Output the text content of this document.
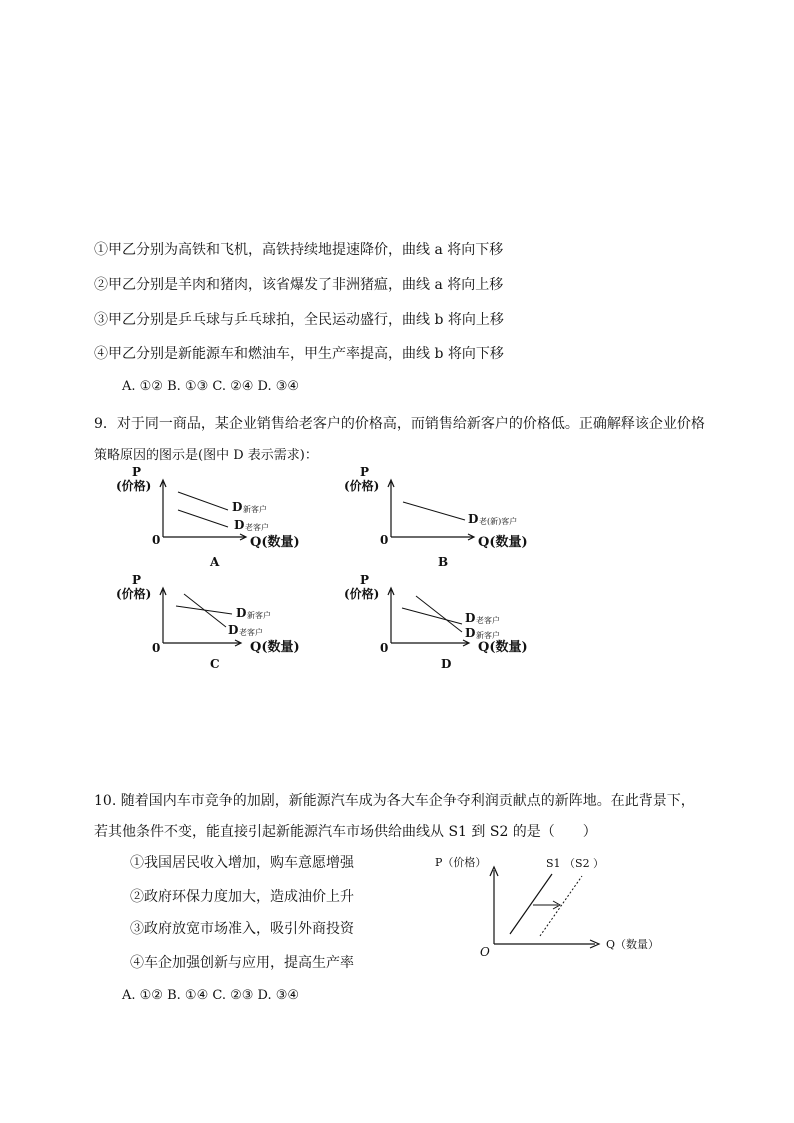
①甲乙分别为高铁和飞机，高铁持续地提速降价，曲线 a 将向下移
②甲乙分别是羊肉和猪肉，该省爆发了非洲猪瘟，曲线 a 将向上移
③甲乙分别是乒乓球与乒乓球拍，全民运动盛行，曲线 b 将向上移
④甲乙分别是新能源车和燃油车，甲生产率提高，曲线 b 将向下移
A. ①② B. ①③ C. ②④ D. ③④
9．对于同一商品，某企业销售给老客户的价格高，而销售给新客户的价格低。正确解释该企业价格
策略原因的图示是(图中 D 表示需求)：
P
(价格)
0	Q(数量)
D 新客户
D 老客户
A
P
(价格)
0	Q(数量)
D 老(新)客户
B
P
(价格)
0	Q(数量)
D 新客户
D 老客户
C
P
(价格)
0	Q(数量)
D 老客户
D 新客户
D
10. 随着国内车市竞争的加剧，新能源汽车成为各大车企争夺利润贡献点的新阵地。在此背景下，
若其他条件不变，能直接引起新能源汽车市场供给曲线从 S1 到 S2 的是（　　）
①我国居民收入增加，购车意愿增强
②政府环保力度加大，造成油价上升
③政府放宽市场准入，吸引外商投资
④车企加强创新与应用，提高生产率
A. ①② B. ①④ C. ②③ D. ③④
P（价格）
O
Q（数量）
S1 （S2 ）
